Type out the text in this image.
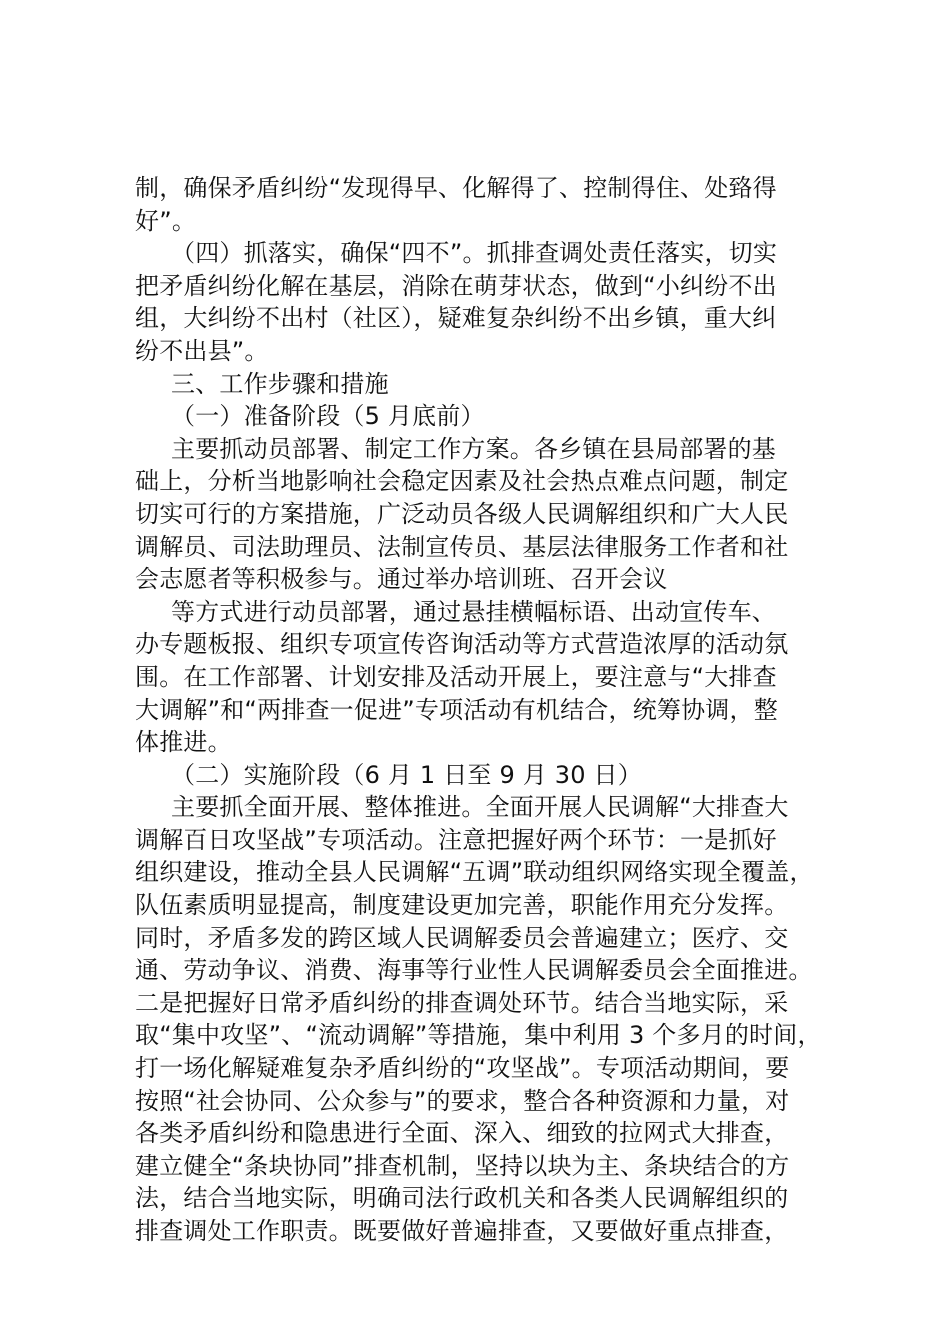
制，确保矛盾纠纷“发现得早、化解得了、控制得住、处臵得

好”。

（四）抓落实，确保“四不”。抓排查调处责任落实，切实

把矛盾纠纷化解在基层，消除在萌芽状态，做到“小纠纷不出

组，大纠纷不出村（社区），疑难复杂纠纷不出乡镇，重大纠

纷不出县”。

三、工作步骤和措施

（一）准备阶段（5 月底前）

主要抓动员部署、制定工作方案。各乡镇在县局部署的基

础上，分析当地影响社会稳定因素及社会热点难点问题，制定

切实可行的方案措施，广泛动员各级人民调解组织和广大人民

调解员、司法助理员、法制宣传员、基层法律服务工作者和社

会志愿者等积极参与。通过举办培训班、召开会议

等方式进行动员部署，通过悬挂横幅标语、出动宣传车、

办专题板报、组织专项宣传咨询活动等方式营造浓厚的活动氛

围。在工作部署、计划安排及活动开展上，要注意与“大排查

大调解”和“两排查一促进”专项活动有机结合，统筹协调，整

体推进。

（二）实施阶段（6 月 1 日至 9 月 30 日）

主要抓全面开展、整体推进。全面开展人民调解“大排查大

调解百日攻坚战”专项活动。注意把握好两个环节：一是抓好

组织建设，推动全县人民调解“五调”联动组织网络实现全覆盖，

队伍素质明显提高，制度建设更加完善，职能作用充分发挥。

同时，矛盾多发的跨区域人民调解委员会普遍建立；医疗、交

通、劳动争议、消费、海事等行业性人民调解委员会全面推进。

二是把握好日常矛盾纠纷的排查调处环节。结合当地实际，采

取“集中攻坚”、“流动调解”等措施，集中利用 3 个多月的时间，

打一场化解疑难复杂矛盾纠纷的“攻坚战”。专项活动期间，要

按照“社会协同、公众参与”的要求，整合各种资源和力量，对

各类矛盾纠纷和隐患进行全面、深入、细致的拉网式大排查，

建立健全“条块协同”排查机制，坚持以块为主、条块结合的方

法，结合当地实际，明确司法行政机关和各类人民调解组织的

排查调处工作职责。既要做好普遍排查，又要做好重点排查，
